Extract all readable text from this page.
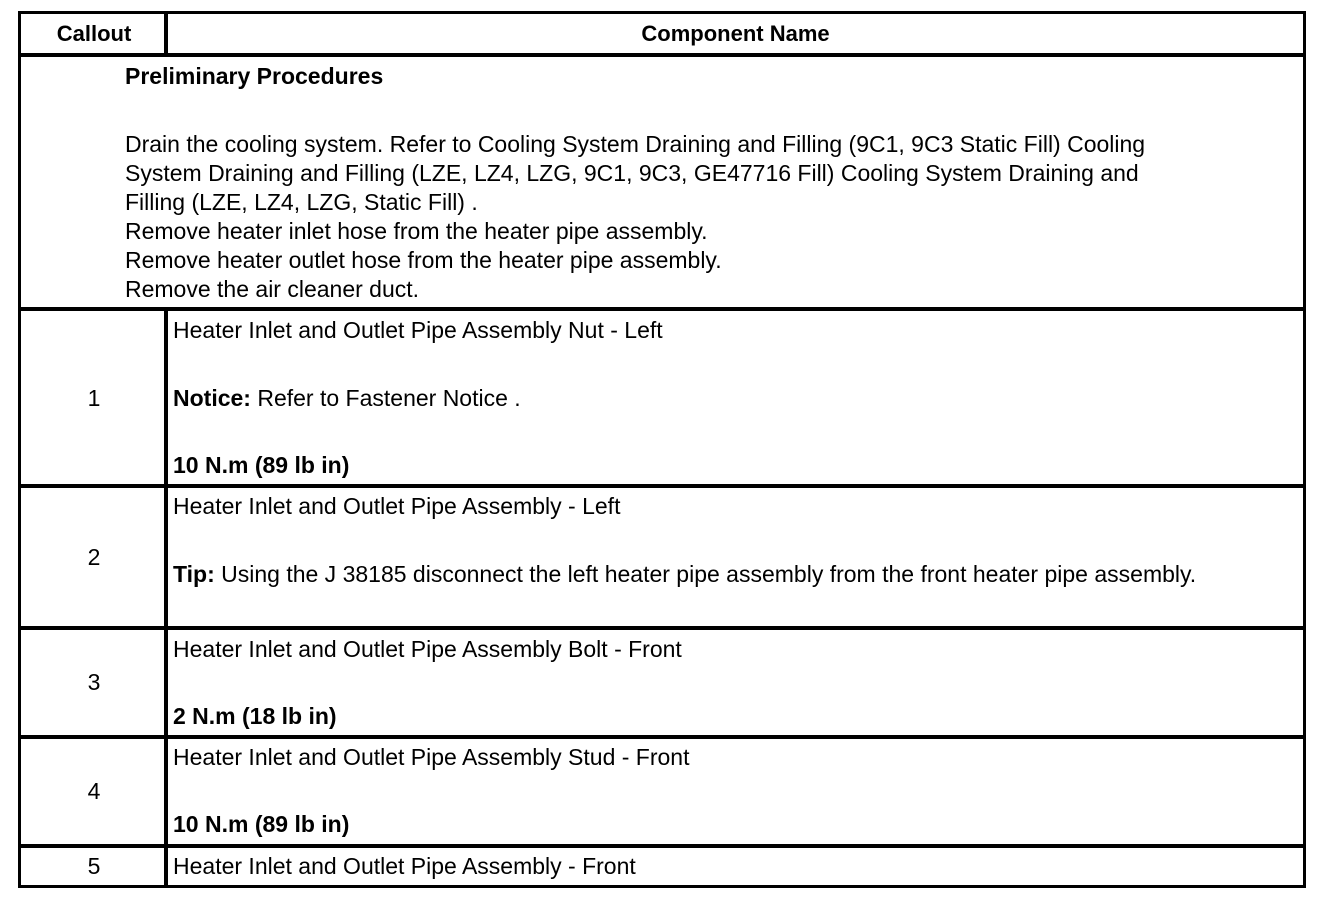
Callout	Component Name
Preliminary Procedures
Drain the cooling system. Refer to Cooling System Draining and Filling (9C1, 9C3 Static Fill) Cooling
System Draining and Filling (LZE, LZ4, LZG, 9C1, 9C3, GE47716 Fill) Cooling System Draining and
Filling (LZE, LZ4, LZG, Static Fill) .
Remove heater inlet hose from the heater pipe assembly.
Remove heater outlet hose from the heater pipe assembly.
Remove the air cleaner duct.
1
Heater Inlet and Outlet Pipe Assembly Nut - Left
Notice: Refer to Fastener Notice .
10 N.m (89 lb in)
2
Heater Inlet and Outlet Pipe Assembly - Left
Tip: Using the J 38185 disconnect the left heater pipe assembly from the front heater pipe assembly.
3
Heater Inlet and Outlet Pipe Assembly Bolt - Front
2 N.m (18 lb in)
4
Heater Inlet and Outlet Pipe Assembly Stud - Front
10 N.m (89 lb in)
5	Heater Inlet and Outlet Pipe Assembly - Front
